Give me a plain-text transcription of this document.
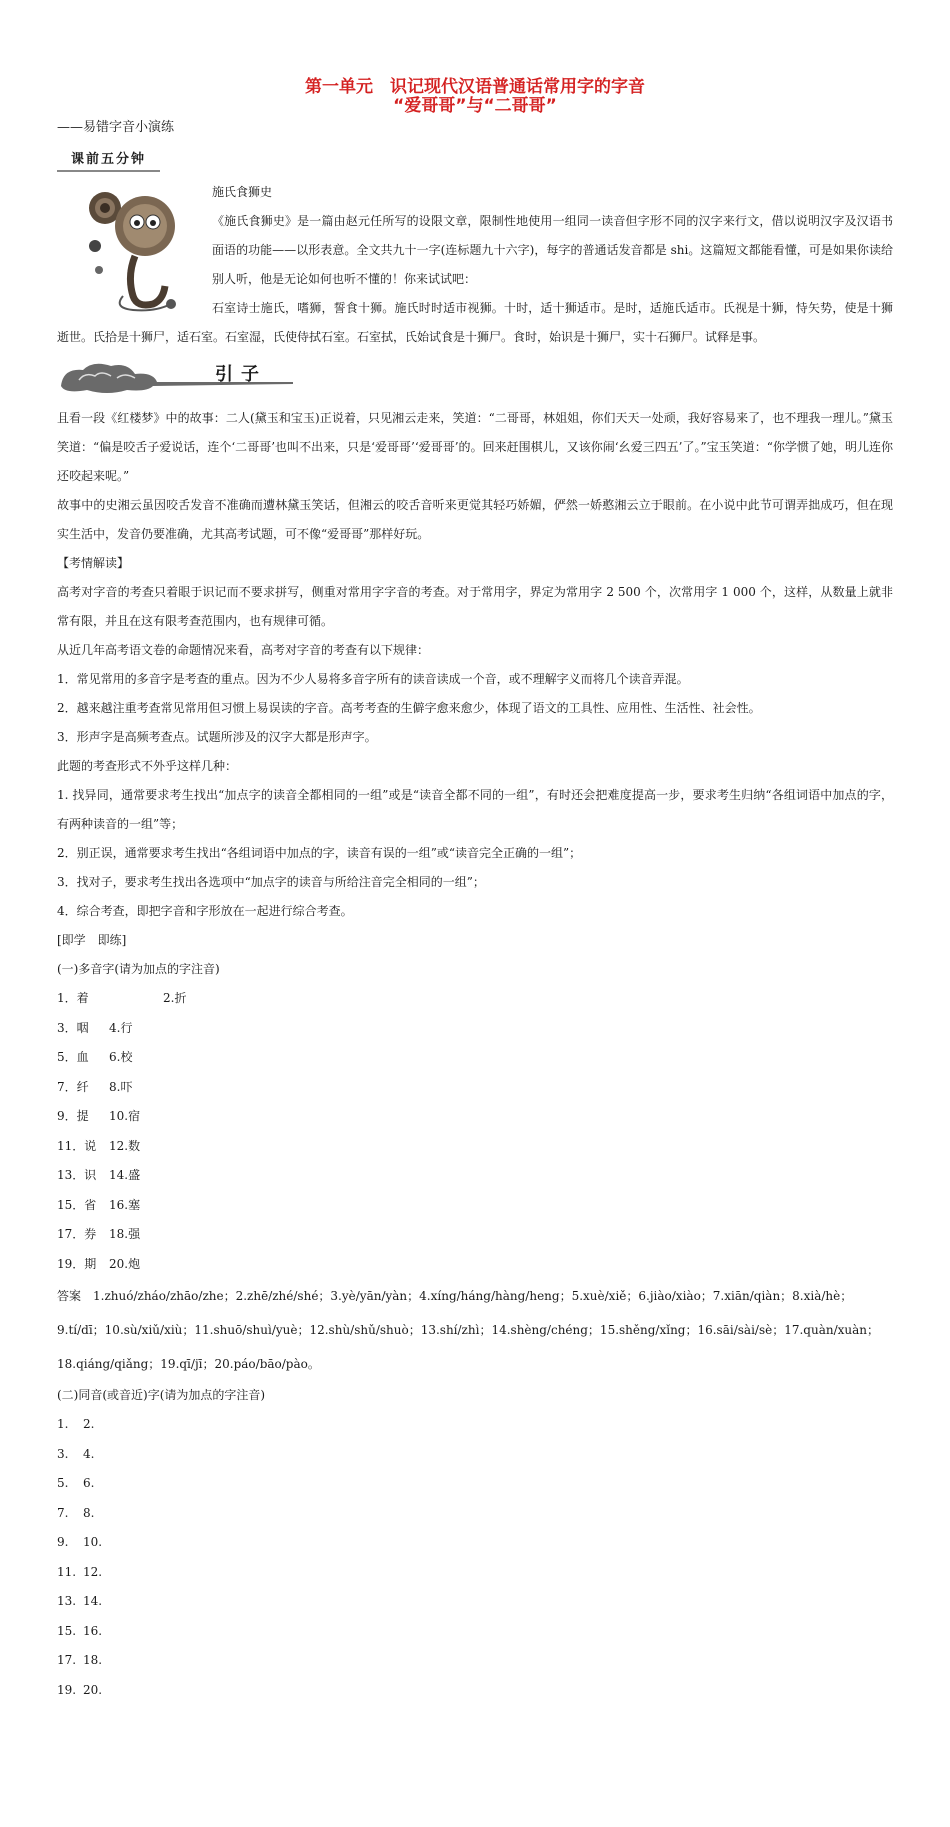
第一单元　识记现代汉语普通话常用字的字音
“爱哥哥”与“二哥哥”
——易错字音小演练
课前五分钟
施氏食狮史
《施氏食狮史》是一篇由赵元任所写的设限文章，限制性地使用一组同一读音但字形不同的汉字来行文，借以说明汉字及汉语书面语的功能——以形表意。全文共九十一字(连标题九十六字)，每字的普通话发音都是 shi。这篇短文都能看懂，可是如果你读给别人听，他是无论如何也听不懂的！你来试试吧：
石室诗士施氏，嗜狮，誓食十狮。施氏时时适市视狮。十时，适十狮适市。是时，适施氏适市。氏视是十狮，恃矢势，使是十狮逝世。氏拾是十狮尸，适石室。石室湿，氏使侍拭石室。石室拭，氏始试食是十狮尸。食时，始识是十狮尸，实十石狮尸。试释是事。
引子
且看一段《红楼梦》中的故事：二人(黛玉和宝玉)正说着，只见湘云走来，笑道：“二哥哥，林姐姐，你们天天一处顽，我好容易来了，也不理我一理儿。”黛玉笑道：“偏是咬舌子爱说话，连个‘二哥哥’也叫不出来，只是‘爱哥哥’‘爱哥哥’的。回来赶围棋儿，又该你闹‘幺爱三四五’了。”宝玉笑道：“你学惯了她，明儿连你还咬起来呢。”
故事中的史湘云虽因咬舌发音不准确而遭林黛玉笑话，但湘云的咬舌音听来更觉其轻巧娇媚，俨然一娇憨湘云立于眼前。在小说中此节可谓弄拙成巧，但在现实生活中，发音仍要准确，尤其高考试题，可不像“爱哥哥”那样好玩。
【考情解读】
高考对字音的考查只着眼于识记而不要求拼写，侧重对常用字字音的考查。对于常用字，界定为常用字 2 500 个，次常用字 1 000 个，这样，从数量上就非常有限，并且在这有限考查范围内，也有规律可循。
从近几年高考语文卷的命题情况来看，高考对字音的考查有以下规律：
1．常见常用的多音字是考查的重点。因为不少人易将多音字所有的读音读成一个音，或不理解字义而将几个读音弄混。
2．越来越注重考查常见常用但习惯上易误读的字音。高考考查的生僻字愈来愈少，体现了语文的工具性、应用性、生活性、社会性。
3．形声字是高频考查点。试题所涉及的汉字大都是形声字。
此题的考查形式不外乎这样几种：
1. 找异同，通常要求考生找出“加点字的读音全都相同的一组”或是“读音全都不同的一组”，有时还会把难度提高一步，要求考生归纳“各组词语中加点的字，有两种读音的一组”等；
2．别正误，通常要求考生找出“各组词语中加点的字，读音有误的一组”或“读音完全正确的一组”；
3．找对子，要求考生找出各选项中“加点字的读音与所给注音完全相同的一组”；
4．综合考查，即把字音和字形放在一起进行综合考查。
[即学　即练]
(一)多音字(请为加点的字注音)
1．着	2.折
3．咽	4.行
5．血	6.校
7．纤	8.吓
9．提	10.宿
11．说	12.数
13．识	14.盛
15．省	16.塞
17．券	18.强
19．期	20.炮
答案　1.zhuó/zháo/zhāo/zhe；2.zhē/zhé/shé；3.yè/yān/yàn；4.xíng/háng/hàng/heng；5.xuè/xiě；6.jiào/xiào；7.xiān/qiàn；8.xià/hè；9.tí/dī；10.sù/xiǔ/xiù；11.shuō/shuì/yuè；12.shù/shǔ/shuò；13.shí/zhì；14.shèng/chéng；15.shěng/xǐng；16.sāi/sài/sè；17.quàn/xuàn；18.qiáng/qiǎng；19.qī/jī；20.páo/bāo/pào。
(二)同音(或音近)字(请为加点的字注音)
1.	2.
3.	4.
5.	6.
7.	8.
9.	10.
11. 12.
13. 14.
15. 16.
17. 18.
19. 20.
